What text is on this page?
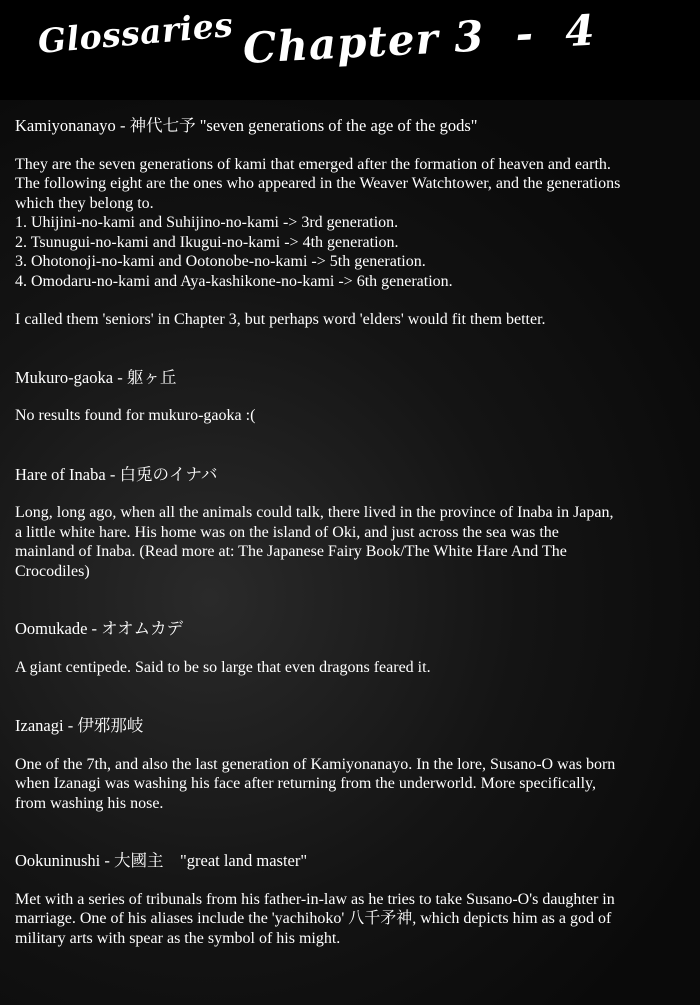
Glossaries Chapter 3  -  4
Kamiyonanayo - 神代七予 "seven generations of the age of the gods"
They are the seven generations of kami that emerged after the formation of heaven and earth.
The following eight are the ones who appeared in the Weaver Watchtower, and the generations
which they belong to.
1. Uhijini-no-kami and Suhijino-no-kami -> 3rd generation.
2. Tsunugui-no-kami and Ikugui-no-kami -> 4th generation.
3. Ohotonoji-no-kami and Ootonobe-no-kami -> 5th generation.
4. Omodaru-no-kami and Aya-kashikone-no-kami -> 6th generation.
I called them 'seniors' in Chapter 3, but perhaps word 'elders' would fit them better.
Mukuro-gaoka - 躯ヶ丘
No results found for mukuro-gaoka :(
Hare of Inaba - 白兎のイナバ
Long, long ago, when all the animals could talk, there lived in the province of Inaba in Japan,
a little white hare. His home was on the island of Oki, and just across the sea was the
mainland of Inaba. (Read more at: The Japanese Fairy Book/The White Hare And The
Crocodiles)
Oomukade - オオムカデ
A giant centipede. Said to be so large that even dragons feared it.
Izanagi - 伊邪那岐
One of the 7th, and also the last generation of Kamiyonanayo. In the lore, Susano-O was born
when Izanagi was washing his face after returning from the underworld. More specifically,
from washing his nose.
Ookuninushi - 大國主 "great land master"
Met with a series of tribunals from his father-in-law as he tries to take Susano-O's daughter in
marriage. One of his aliases include the 'yachihoko' 八千矛神, which depicts him as a god of
military arts with spear as the symbol of his might.
